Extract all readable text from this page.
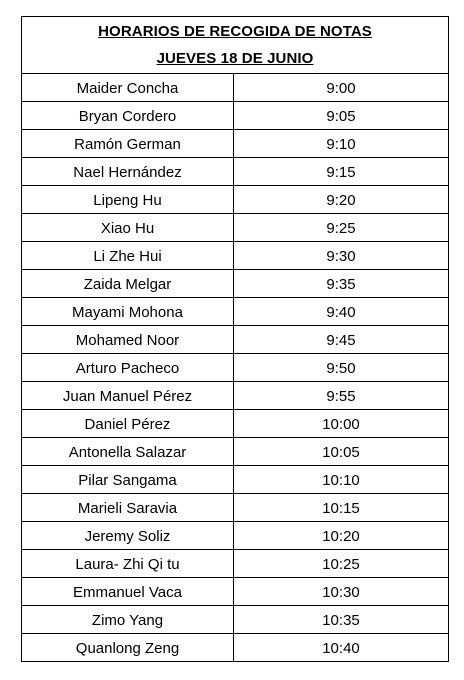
HORARIOS DE RECOGIDA DE NOTAS
JUEVES 18 DE JUNIO
Maider Concha	9:00
Bryan Cordero	9:05
Ramón German	9:10
Nael Hernández	9:15
Lipeng Hu	9:20
Xiao Hu	9:25
Li Zhe Hui	9:30
Zaida Melgar	9:35
Mayami Mohona	9:40
Mohamed Noor	9:45
Arturo Pacheco	9:50
Juan Manuel Pérez	9:55
Daniel Pérez	10:00
Antonella Salazar	10:05
Pilar Sangama	10:10
Marieli Saravia	10:15
Jeremy Soliz	10:20
Laura- Zhi Qi tu	10:25
Emmanuel Vaca	10:30
Zimo Yang	10:35
Quanlong Zeng	10:40
